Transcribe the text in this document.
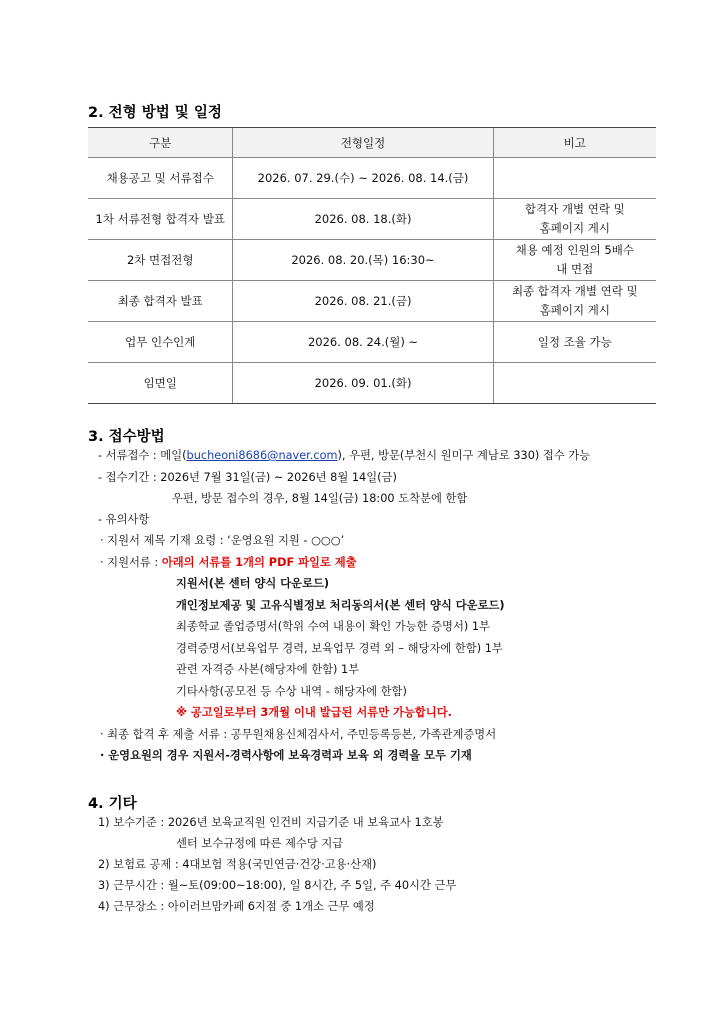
2. 전형 방법 및 일정
구분	전형일정	비고
채용공고 및 서류접수	2026. 07. 29.(수) ~ 2026. 08. 14.(금)	

1차 서류전형 합격자 발표	2026. 08. 18.(화)	합격자 개별 연락 및
홈페이지 게시

2차 면접전형	2026. 08. 20.(목) 16:30~	채용 예정 인원의 5배수
내 면접

최종 합격자 발표	2026. 08. 21.(금)	최종 합격자 개별 연락 및
홈페이지 게시

업무 인수인계	2026. 08. 24.(월) ~	일정 조율 가능

임면일	2026. 09. 01.(화)	
3. 접수방법
- 서류접수 : 메일(bucheoni8686@naver.com), 우편, 방문(부천시 원미구 계남로 330) 접수 가능
- 접수기간 : 2026년 7월 31일(금) ~ 2026년 8월 14일(금)
우편, 방문 접수의 경우, 8월 14일(금) 18:00 도착분에 한함
- 유의사항
· 지원서 제목 기재 요령 : ‘운영요원 지원 - ○○○’
· 지원서류 : 아래의 서류를 1개의 PDF 파일로 제출
지원서(본 센터 양식 다운로드)
개인정보제공 및 고유식별정보 처리동의서(본 센터 양식 다운로드)
최종학교 졸업증명서(학위 수여 내용이 확인 가능한 증명서) 1부
경력증명서(보육업무 경력, 보육업무 경력 외 – 해당자에 한함) 1부
관련 자격증 사본(해당자에 한함) 1부
기타사항(공모전 등 수상 내역 - 해당자에 한함)
※ 공고일로부터 3개월 이내 발급된 서류만 가능합니다.
· 최종 합격 후 제출 서류 : 공무원채용신체검사서, 주민등록등본, 가족관계증명서
· 운영요원의 경우 지원서-경력사항에 보육경력과 보육 외 경력을 모두 기재
4. 기타
1) 보수기준 : 2026년 보육교직원 인건비 지급기준 내 보육교사 1호봉
센터 보수규정에 따른 제수당 지급
2) 보험료 공제 : 4대보험 적용(국민연금·건강·고용·산재)
3) 근무시간 : 월~토(09:00~18:00), 일 8시간, 주 5일, 주 40시간 근무
4) 근무장소 : 아이러브맘카페 6지점 중 1개소 근무 예정
